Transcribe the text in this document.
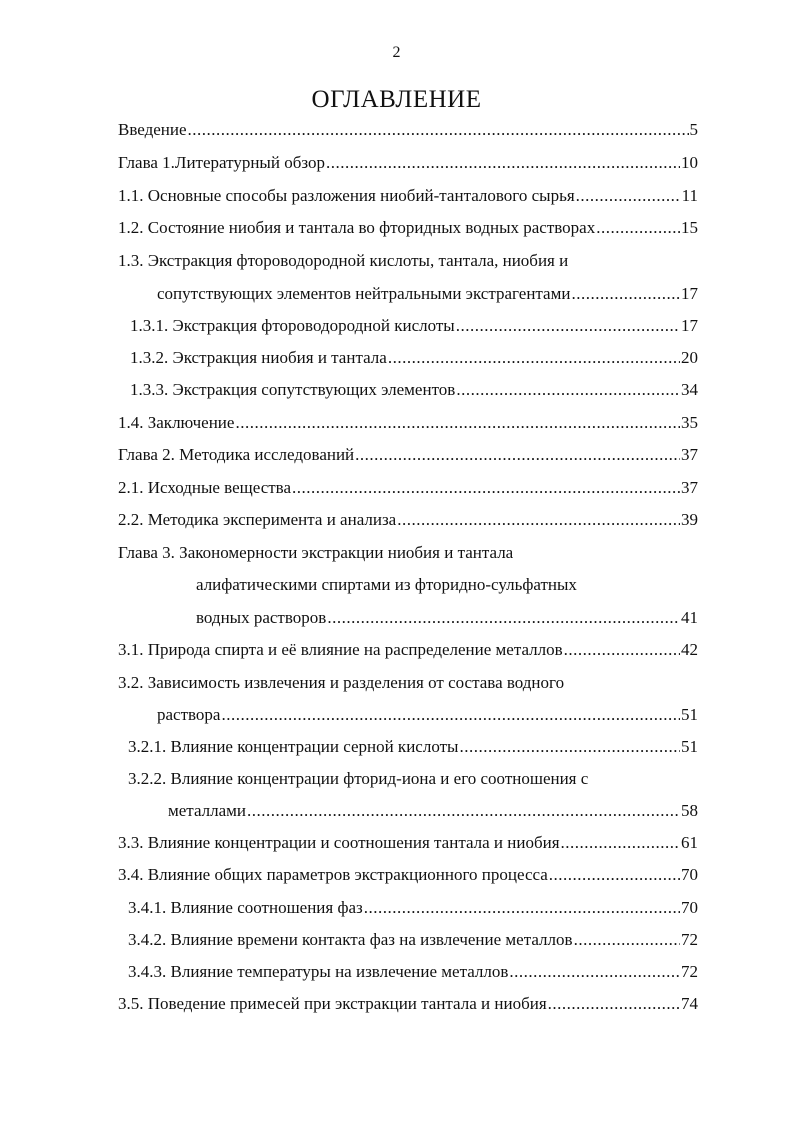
2
ОГЛАВЛЕНИЕ
Введение .....	5
Глава 1.Литературный обзор .....	10
1.1. Основные способы разложения ниобий-танталового сырья .....	11
1.2. Состояние ниобия и тантала во фторидных водных растворах .....	15
1.3. Экстракция фтороводородной кислоты, тантала, ниобия и
сопутствующих элементов нейтральными экстрагентами .....	17
1.3.1. Экстракция фтороводородной кислоты .....	17
1.3.2. Экстракция ниобия и тантала .....	20
1.3.3. Экстракция сопутствующих элементов .....	34
1.4. Заключение .....	35
Глава 2. Методика исследований .....	37
2.1. Исходные вещества .....	37
2.2. Методика эксперимента и анализа .....	39
Глава 3. Закономерности экстракции ниобия и тантала
алифатическими спиртами из фторидно-сульфатных
водных растворов .....	41
3.1. Природа спирта и её влияние на распределение металлов .....	42
3.2. Зависимость извлечения и разделения от состава водного
раствора .....	51
3.2.1. Влияние концентрации серной кислоты .....	51
3.2.2. Влияние концентрации фторид-иона и его соотношения с
металлами .....	58
3.3. Влияние концентрации и соотношения тантала и ниобия .....	61
3.4. Влияние общих параметров экстракционного процесса .....	70
3.4.1. Влияние соотношения фаз .....	70
3.4.2. Влияние времени контакта фаз на извлечение металлов .....	72
3.4.3. Влияние температуры на извлечение металлов .....	72
3.5. Поведение примесей при экстракции тантала и ниобия .....	74
